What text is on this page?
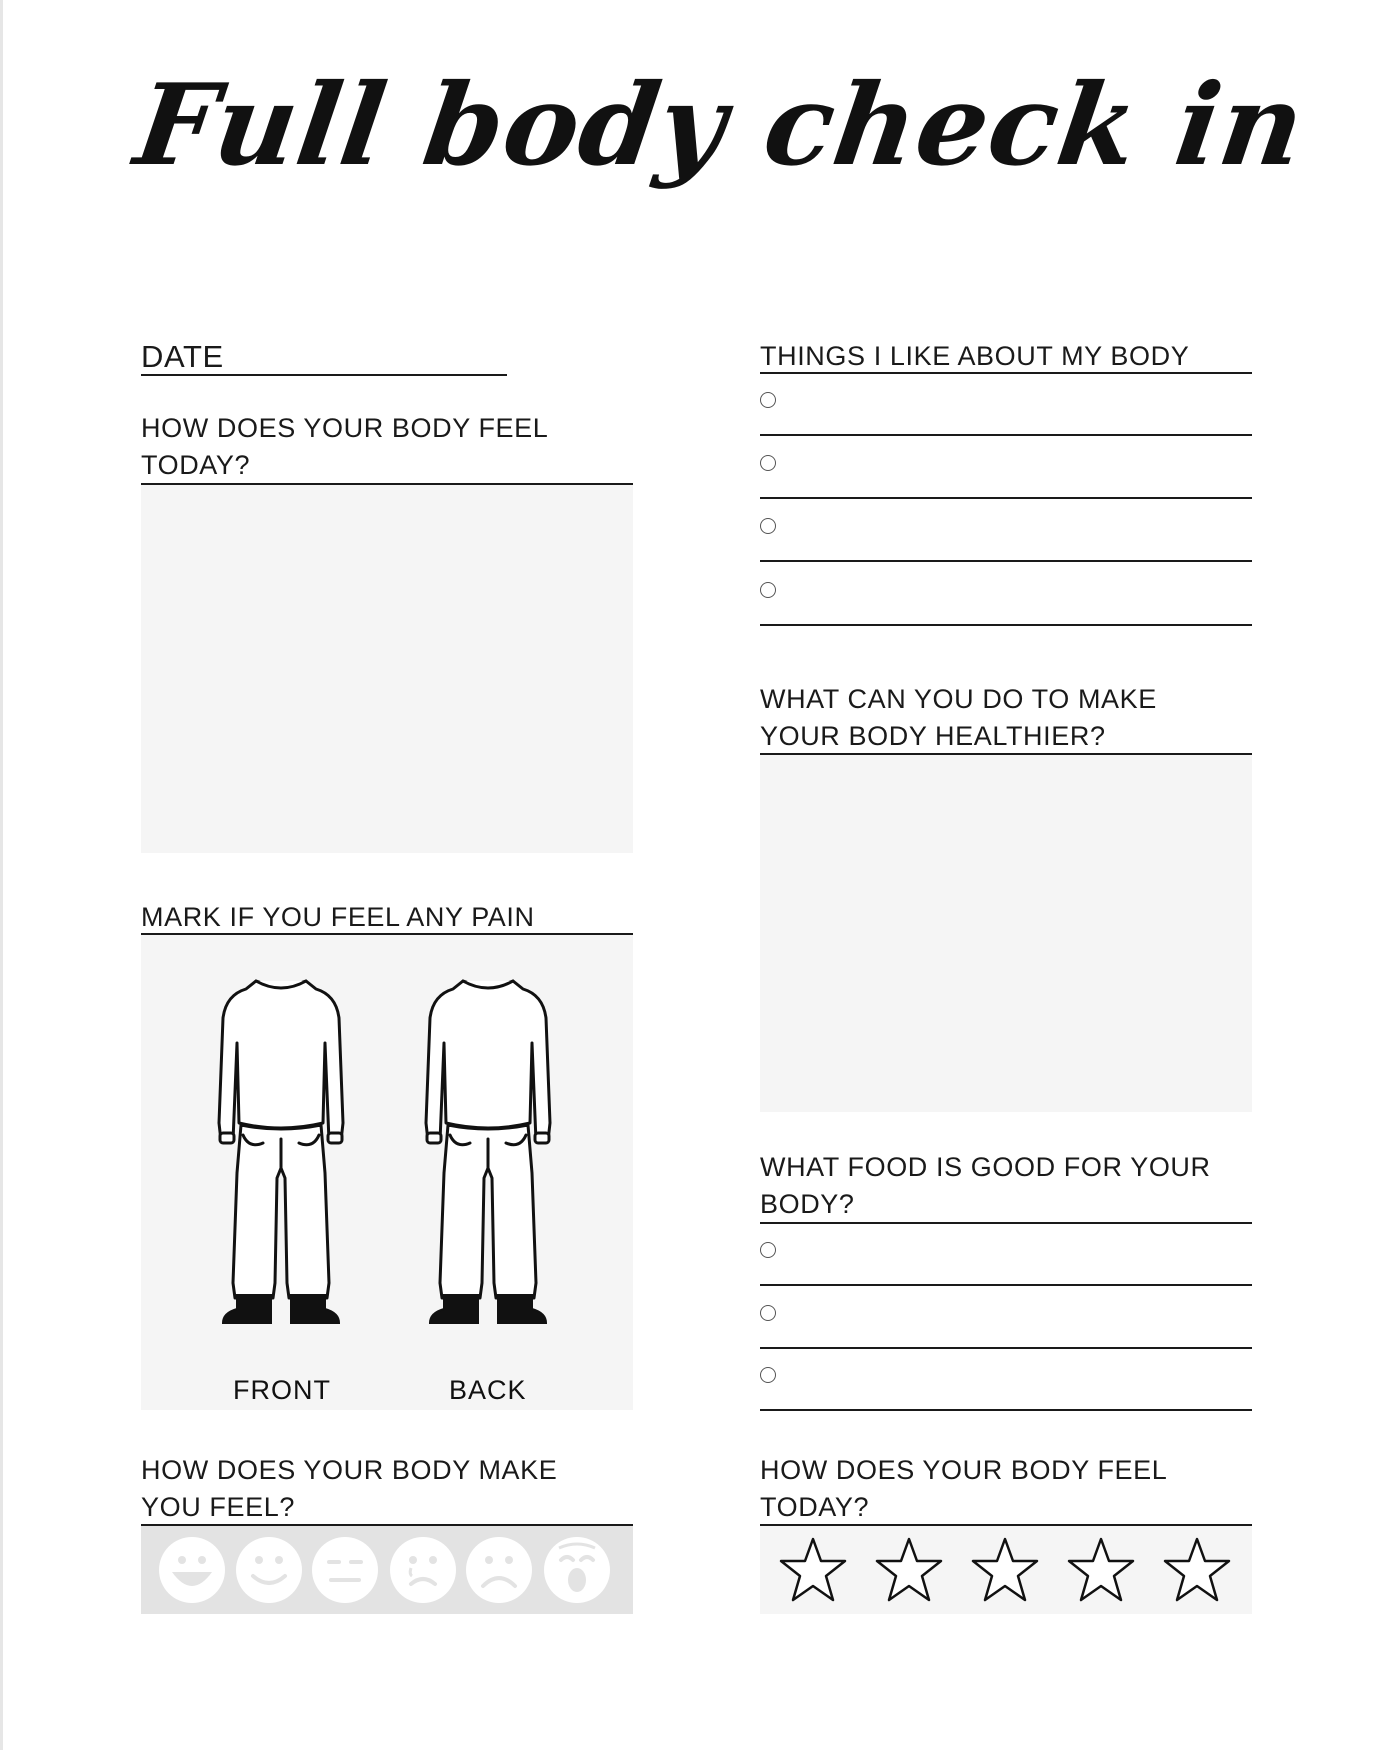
Full body check in
DATE
HOW DOES YOUR BODY FEEL
TODAY?
MARK IF YOU FEEL ANY PAIN
FRONT	BACK
HOW DOES YOUR BODY MAKE
YOU FEEL?
THINGS I LIKE ABOUT MY BODY
WHAT CAN YOU DO TO MAKE
YOUR BODY HEALTHIER?
WHAT FOOD IS GOOD FOR YOUR
BODY?
HOW DOES YOUR BODY FEEL
TODAY?
